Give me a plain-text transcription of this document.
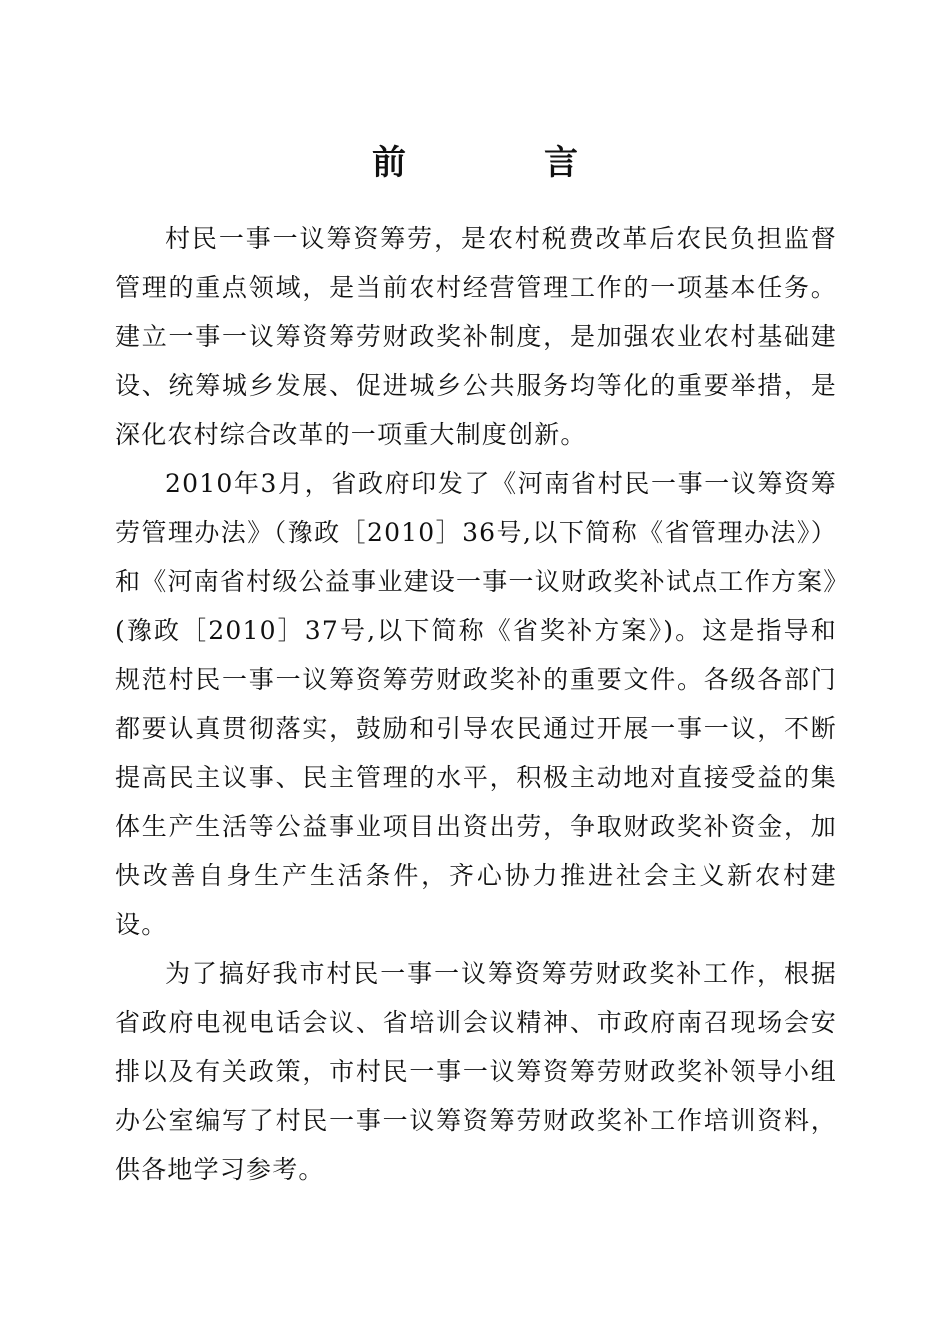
前　言

村民一事一议筹资筹劳，是农村税费改革后农民负担监督管理的重点领域，是当前农村经营管理工作的一项基本任务。建立一事一议筹资筹劳财政奖补制度，是加强农业农村基础建设、统筹城乡发展、促进城乡公共服务均等化的重要举措，是深化农村综合改革的一项重大制度创新。

2010年3月，省政府印发了《河南省村民一事一议筹资筹劳管理办法》（豫政［2010］36号,以下简称《省管理办法》）和《河南省村级公益事业建设一事一议财政奖补试点工作方案》(豫政［2010］37号,以下简称《省奖补方案》)。这是指导和规范村民一事一议筹资筹劳财政奖补的重要文件。各级各部门都要认真贯彻落实，鼓励和引导农民通过开展一事一议，不断提高民主议事、民主管理的水平，积极主动地对直接受益的集体生产生活等公益事业项目出资出劳，争取财政奖补资金，加快改善自身生产生活条件，齐心协力推进社会主义新农村建设。

为了搞好我市村民一事一议筹资筹劳财政奖补工作，根据省政府电视电话会议、省培训会议精神、市政府南召现场会安排以及有关政策，市村民一事一议筹资筹劳财政奖补领导小组办公室编写了村民一事一议筹资筹劳财政奖补工作培训资料，供各地学习参考。
